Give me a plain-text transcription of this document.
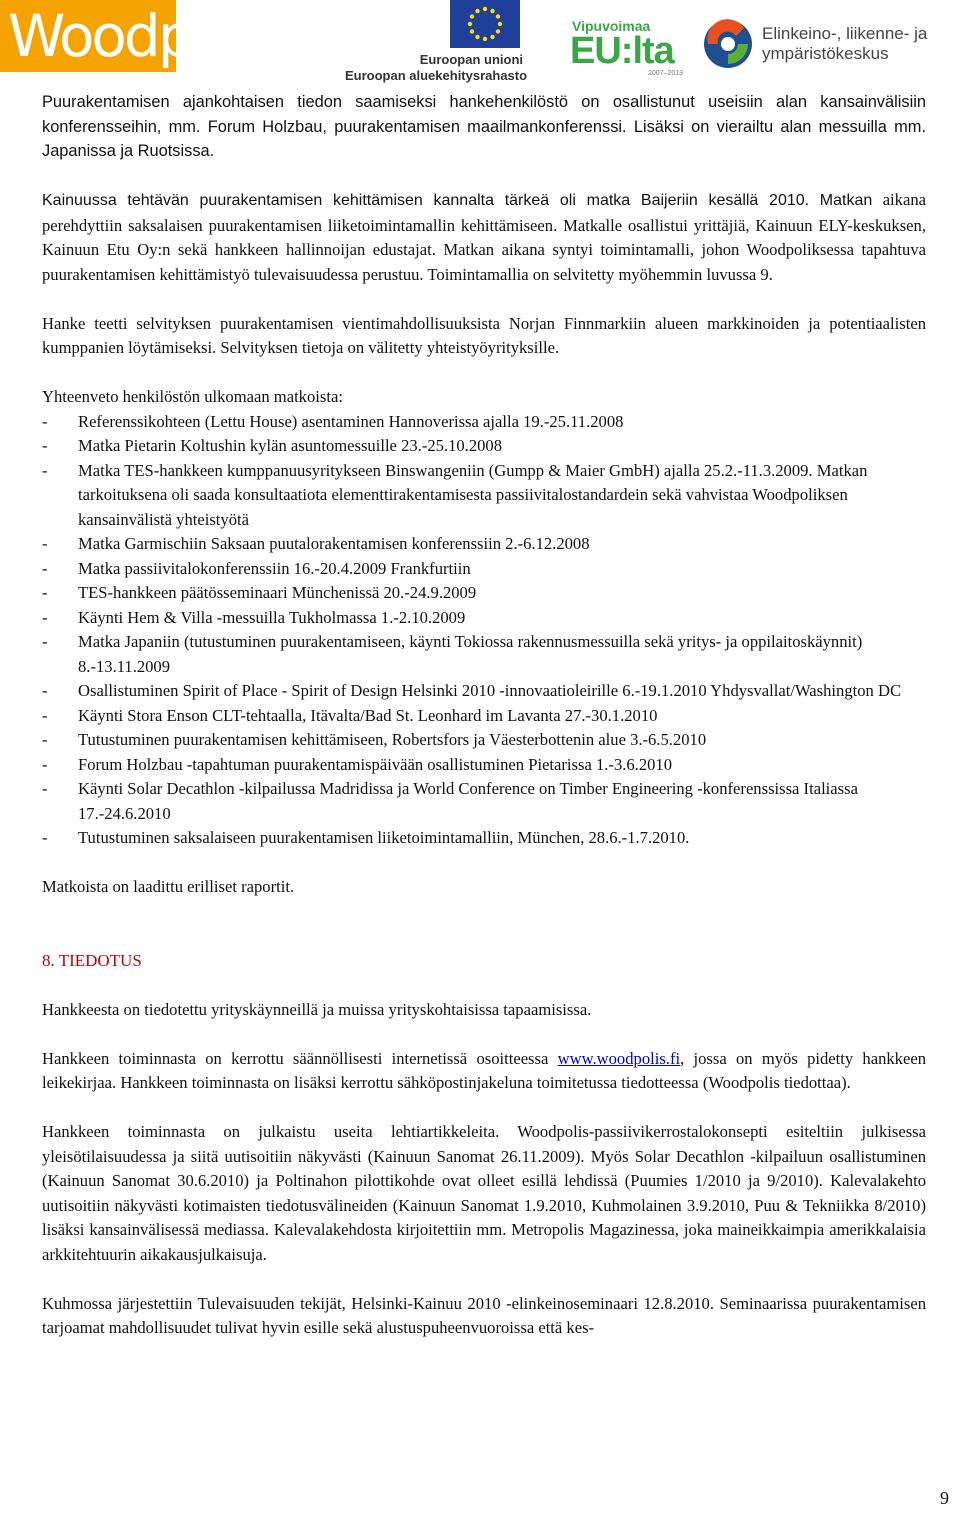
Woodpolis	Euroopan unioni
Euroopan aluekehitysrahasto
Vipuvoimaa
EU:lta
2007–2013
Elinkeino-, liikenne- ja
ympäristökeskus

Puurakentamisen ajankohtaisen tiedon saamiseksi hankehenkilöstö on osallistunut useisiin alan kansainvälisiin konferensseihin, mm. Forum Holzbau, puurakentamisen maailmankonferenssi. Lisäksi on vierailtu alan messuilla mm. Japanissa ja Ruotsissa.

Kainuussa tehtävän puurakentamisen kehittämisen kannalta tärkeä oli matka Baijeriin kesällä 2010. Matkan aikana perehdyttiin saksalaisen puurakentamisen liiketoimintamallin kehittämiseen. Matkalle osallistui yrittäjiä, Kainuun ELY-keskuksen, Kainuun Etu Oy:n sekä hankkeen hallinnoijan edustajat. Matkan aikana syntyi toimintamalli, johon Woodpoliksessa tapahtuva puurakentamisen kehittämistyö tulevaisuudessa perustuu. Toimintamallia on selvitetty myöhemmin luvussa 9.

Hanke teetti selvityksen puurakentamisen vientimahdollisuuksista Norjan Finnmarkiin alueen markkinoiden ja potentiaalisten kumppanien löytämiseksi. Selvityksen tietoja on välitetty yhteistyöyrityksille.

Yhteenveto henkilöstön ulkomaan matkoista:

- Referenssikohteen (Lettu House) asentaminen Hannoverissa ajalla 19.-25.11.2008
- Matka Pietarin Koltushin kylän asuntomessuille 23.-25.10.2008
- Matka TES-hankkeen kumppanuusyritykseen Binswangeniin (Gumpp & Maier GmbH) ajalla 25.2.-11.3.2009. Matkan tarkoituksena oli saada konsultaatiota elementtirakentamisesta passiivitalostandardein sekä vahvistaa Woodpoliksen kansainvälistä yhteistyötä
- Matka Garmischiin Saksaan puutalorakentamisen konferenssiin 2.-6.12.2008
- Matka passiivitalokonferenssiin 16.-20.4.2009 Frankfurtiin
- TES-hankkeen päätösseminaari Münchenissä 20.-24.9.2009
- Käynti Hem & Villa -messuilla Tukholmassa 1.-2.10.2009
- Matka Japaniin (tutustuminen puurakentamiseen, käynti Tokiossa rakennusmessuilla sekä yritys- ja oppilaitoskäynnit) 8.-13.11.2009
- Osallistuminen Spirit of Place - Spirit of Design Helsinki 2010 -innovaatioleirille 6.-19.1.2010 Yhdysvallat/Washington DC
- Käynti Stora Enson CLT-tehtaalla, Itävalta/Bad St. Leonhard im Lavanta 27.-30.1.2010
- Tutustuminen puurakentamisen kehittämiseen, Robertsfors ja Väesterbottenin alue 3.-6.5.2010
- Forum Holzbau -tapahtuman puurakentamispäivään osallistuminen Pietarissa 1.-3.6.2010
- Käynti Solar Decathlon -kilpailussa Madridissa ja World Conference on Timber Engineering -konferenssissa Italiassa 17.-24.6.2010
- Tutustuminen saksalaiseen puurakentamisen liiketoimintamalliin, München, 28.6.-1.7.2010.

Matkoista on laadittu erilliset raportit.

8. TIEDOTUS

Hankkeesta on tiedotettu yrityskäynneillä ja muissa yrityskohtaisissa tapaamisissa.

Hankkeen toiminnasta on kerrottu säännöllisesti internetissä osoitteessa www.woodpolis.fi, jossa on myös pidetty hankkeen leikekirjaa. Hankkeen toiminnasta on lisäksi kerrottu sähköpostinjakeluna toimitetussa tiedotteessa (Woodpolis tiedottaa).

Hankkeen toiminnasta on julkaistu useita lehtiartikkeleita. Woodpolis-passiivikerrostalokonsepti esiteltiin julkisessa yleisötilaisuudessa ja siitä uutisoitiin näkyvästi (Kainuun Sanomat 26.11.2009). Myös Solar Decathlon -kilpailuun osallistuminen (Kainuun Sanomat 30.6.2010) ja Poltinahon pilottikohde ovat olleet esillä lehdissä (Puumies 1/2010 ja 9/2010). Kalevalakehto uutisoitiin näkyvästi kotimaisten tiedotusvälineiden (Kainuun Sanomat 1.9.2010, Kuhmolainen 3.9.2010, Puu & Tekniikka 8/2010) lisäksi kansainvälisessä mediassa. Kalevalakehdosta kirjoitettiin mm. Metropolis Magazinessa, joka maineikkaimpia amerikkalaisia arkkitehtuurin aikakausjulkaisuja.

Kuhmossa järjestettiin Tulevaisuuden tekijät, Helsinki-Kainuu 2010 -elinkeinoseminaari 12.8.2010. Seminaarissa puurakentamisen tarjoamat mahdollisuudet tulivat hyvin esille sekä alustuspuheenvuoroissa että kes-

9
